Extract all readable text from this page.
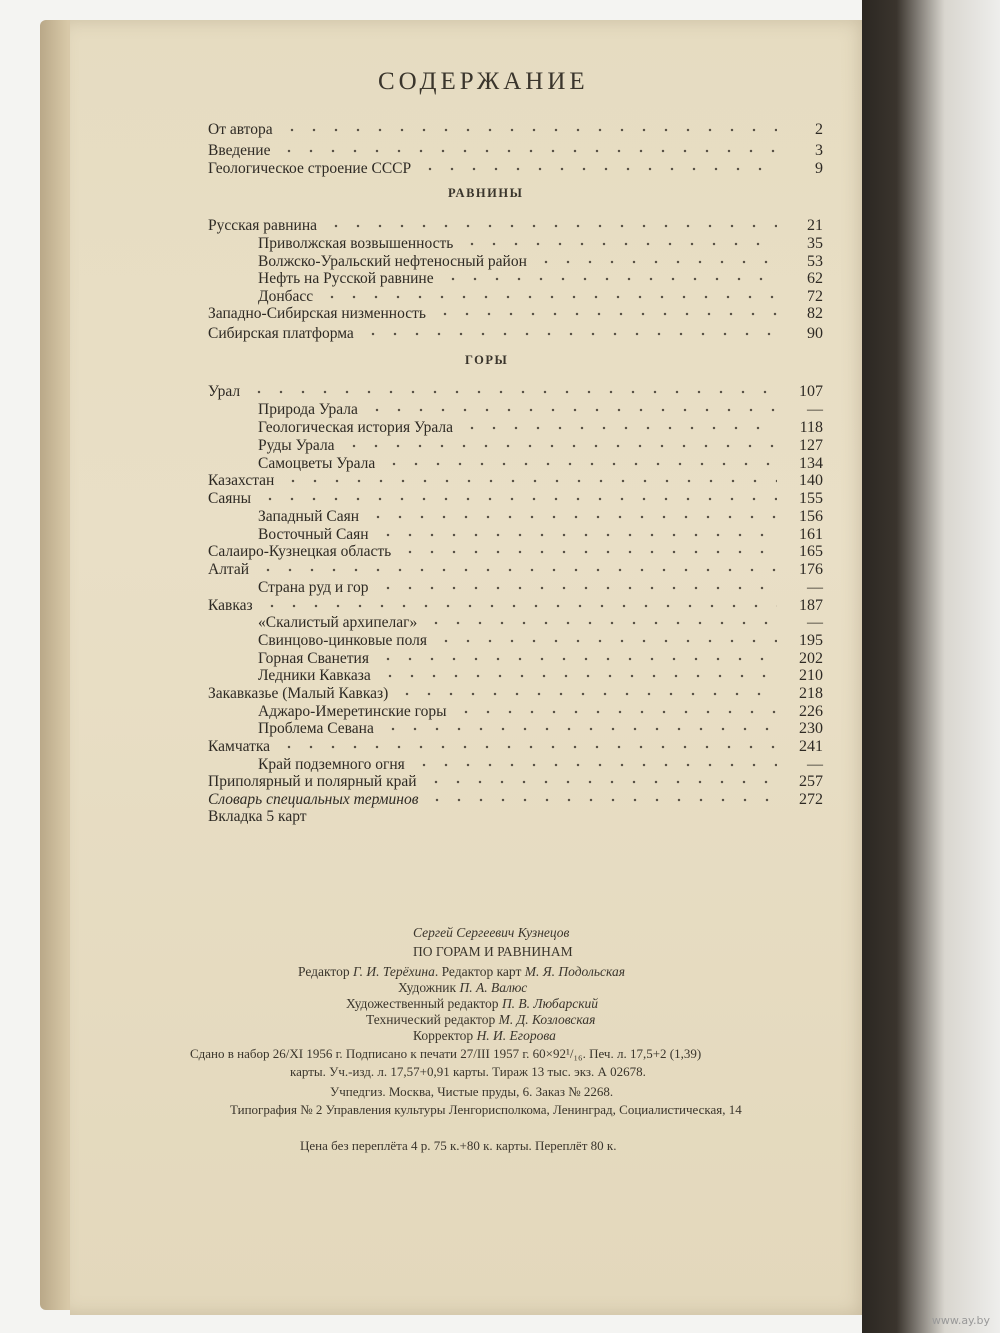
СОДЕРЖАНИЕ
От автора	2
Введение	3
Геологическое строение СССР	9
Русская равнина	21
Приволжская возвышенность	35
Волжско-Уральский нефтеносный район	53
Нефть на Русской равнине	62
Донбасс	72
Западно-Сибирская низменность	82
Сибирская платформа	90
Урал	107
Природа Урала	—
Геологическая история Урала	118
Руды Урала	127
Самоцветы Урала	134
Казахстан	140
Саяны	155
Западный Саян	156
Восточный Саян	161
Салаиро-Кузнецкая область	165
Алтай	176
Страна руд и гор	—
Кавказ	187
«Скалистый архипелаг»	—
Свинцово-цинковые поля	195
Горная Сванетия	202
Ледники Кавказа	210
Закавказье (Малый Кавказ)	218
Аджаро-Имеретинские горы	226
Проблема Севана	230
Камчатка	241
Край подземного огня	—
Приполярный и полярный край	257
Словарь специальных терминов	272
Вкладка 5 карт
РАВНИНЫ
ГОРЫ
Сергей Сергеевич Кузнецов
ПО ГОРАМ И РАВНИНАМ
Редактор Г. И. Терёхина. Редактор карт М. Я. Подольская
Художник П. А. Валюс
Художественный редактор П. В. Любарский
Технический редактор М. Д. Козловская
Корректор Н. И. Егорова
Сдано в набор 26/XI 1956 г. Подписано к печати 27/III 1957 г. 60×92¹/₁₆. Печ. л. 17,5+2 (1,39)
карты. Уч.-изд. л. 17,57+0,91 карты. Тираж 13 тыс. экз. А 02678.
Учпедгиз. Москва, Чистые пруды, 6. Заказ № 2268.
Типография № 2 Управления культуры Ленгорисполкома, Ленинград, Социалистическая, 14
Цена без переплёта 4 р. 75 к.+80 к. карты. Переплёт 80 к.
www.ay.by
